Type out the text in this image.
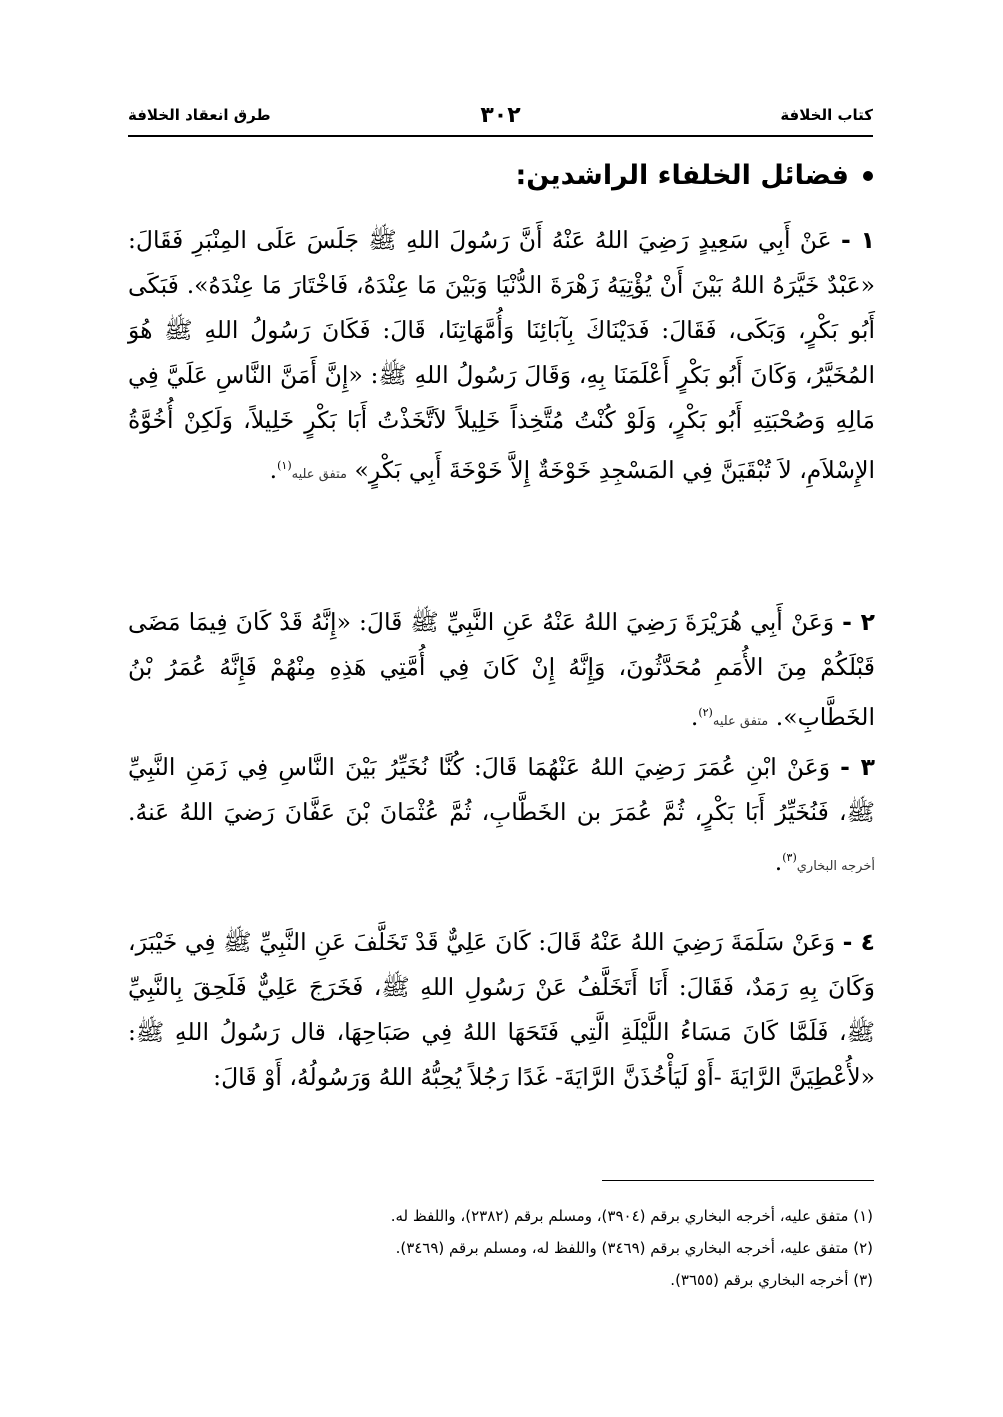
كتاب الخلافة
٣٠٢
طرق انعقاد الخلافة
فضائل الخلفاء الراشدين:
١ - عَنْ أَبِي سَعِيدٍ رَضِيَ اللهُ عَنْهُ أَنَّ رَسُولَ اللهِ ﷺ جَلَسَ عَلَى المِنْبَرِ فَقَالَ: «عَبْدٌ خَيَّرَهُ اللهُ بَيْنَ أَنْ يُؤْتِيَهُ زَهْرَةَ الدُّنْيَا وَبَيْنَ مَا عِنْدَهُ، فَاخْتَارَ مَا عِنْدَهُ». فَبَكَى أَبُو بَكْرٍ، وَبَكَى، فَقَالَ: فَدَيْنَاكَ بِآبَائِنَا وَأُمَّهَاتِنَا، قَالَ: فَكَانَ رَسُولُ اللهِ ﷺ هُوَ المُخَيَّرُ، وَكَانَ أَبُو بَكْرٍ أَعْلَمَنَا بِهِ، وَقَالَ رَسُولُ اللهِ ﷺ: «إِنَّ أَمَنَّ النَّاسِ عَلَيَّ فِي مَالِهِ وَصُحْبَتِهِ أَبُو بَكْرٍ، وَلَوْ كُنْتُ مُتَّخِذاً خَلِيلاً لاَتَّخَذْتُ أَبَا بَكْرٍ خَلِيلاً، وَلَكِنْ أُخُوَّةُ الإِسْلاَمِ، لاَ تُبْقَيَنَّ فِي المَسْجِدِ خَوْخَةٌ إِلاَّ خَوْخَةَ أَبِي بَكْرٍ» متفق عليه$^{(١)}$.
٢ - وَعَنْ أَبِي هُرَيْرَةَ رَضِيَ اللهُ عَنْهُ عَنِ النَّبِيِّ ﷺ قَالَ: «إِنَّهُ قَدْ كَانَ فِيمَا مَضَى قَبْلَكُمْ مِنَ الأُمَمِ مُحَدَّثُونَ، وَإِنَّهُ إِنْ كَانَ فِي أُمَّتِي هَذِهِ مِنْهُمْ فَإِنَّهُ عُمَرُ بْنُ الخَطَّابِ». متفق عليه$^{(٢)}$.
٣ - وَعَنْ ابْنِ عُمَرَ رَضِيَ اللهُ عَنْهُمَا قَالَ: كُنَّا نُخَيِّرُ بَيْنَ النَّاسِ فِي زَمَنِ النَّبِيِّ ﷺ، فَنُخَيِّرُ أَبَا بَكْرٍ، ثُمَّ عُمَرَ بن الخَطَّابِ، ثُمَّ عُثْمَانَ بْنَ عَفَّانَ رَضيَ اللهُ عَنهُ. أخرجه البخاري$^{(٣)}$.
٤ - وَعَنْ سَلَمَةَ رَضِيَ اللهُ عَنْهُ قَالَ: كَانَ عَلِيٌّ قَدْ تَخَلَّفَ عَنِ النَّبِيِّ ﷺ فِي خَيْبَرَ، وَكَانَ بِهِ رَمَدٌ، فَقَالَ: أَنَا أَتَخَلَّفُ عَنْ رَسُولِ اللهِ ﷺ، فَخَرَجَ عَلِيٌّ فَلَحِقَ بِالنَّبِيِّ ﷺ، فَلَمَّا كَانَ مَسَاءُ اللَّيْلَةِ الَّتِي فَتَحَهَا اللهُ فِي صَبَاحِهَا، قال رَسُولُ اللهِ ﷺ: «لأُعْطِيَنَّ الرَّايَةَ -أَوْ لَيَأْخُذَنَّ الرَّايَةَ- غَدًا رَجُلاً يُحِبُّهُ اللهُ وَرَسُولُهُ، أَوْ قَالَ:
(١) متفق عليه، أخرجه البخاري برقم (٣٩٠٤)، ومسلم برقم (٢٣٨٢)، واللفظ له.
(٢) متفق عليه، أخرجه البخاري برقم (٣٤٦٩) واللفظ له، ومسلم برقم (٣٤٦٩).
(٣) أخرجه البخاري برقم (٣٦٥٥).
